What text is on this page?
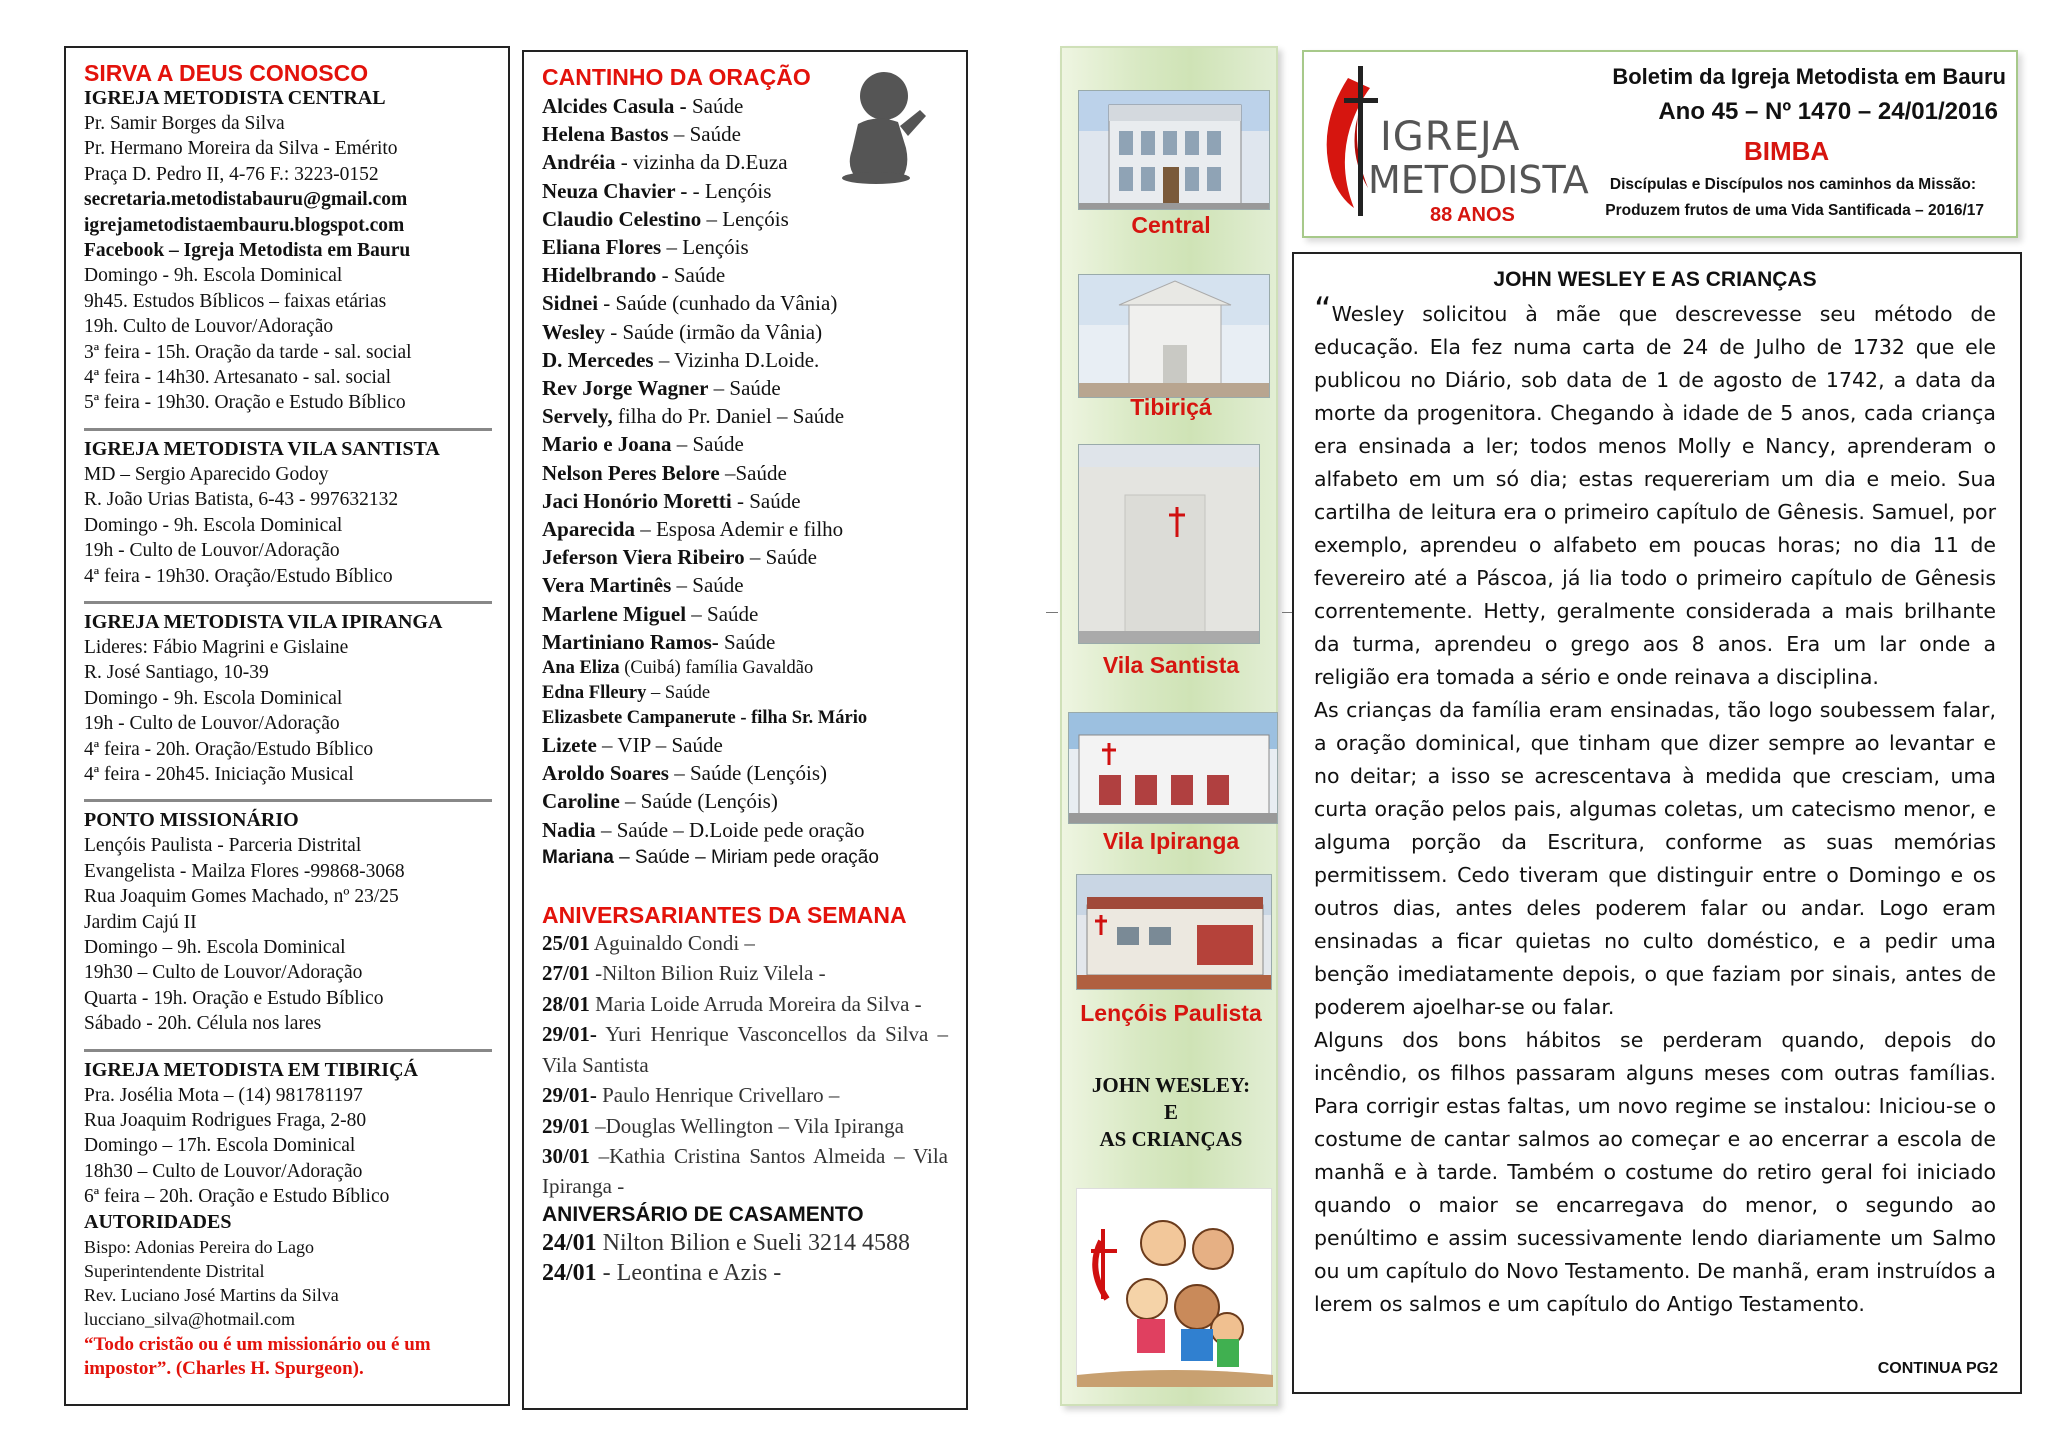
SIRVA A DEUS CONOSCO
IGREJA METODISTA CENTRAL
Pr. Samir Borges da Silva
Pr. Hermano Moreira da Silva - Emérito
Praça D. Pedro II, 4-76 F.: 3223-0152
secretaria.metodistabauru@gmail.com
igrejametodistaembauru.blogspot.com
Facebook – Igreja Metodista em Bauru
Domingo - 9h. Escola Dominical
9h45. Estudos Bíblicos – faixas etárias
19h. Culto de Louvor/Adoração
3ª feira - 15h. Oração da tarde - sal. social
4ª feira - 14h30. Artesanato - sal. social
5ª feira - 19h30. Oração e Estudo Bíblico
IGREJA METODISTA VILA SANTISTA
MD – Sergio Aparecido Godoy
R. João Urias Batista, 6-43 - 997632132
Domingo - 9h. Escola Dominical
19h - Culto de Louvor/Adoração
4ª feira - 19h30. Oração/Estudo Bíblico
IGREJA METODISTA VILA IPIRANGA
Lideres: Fábio Magrini e Gislaine
R. José Santiago, 10-39
Domingo - 9h. Escola Dominical
19h - Culto de Louvor/Adoração
4ª feira - 20h. Oração/Estudo Bíblico
4ª feira - 20h45. Iniciação Musical
PONTO MISSIONÁRIO
Lençóis Paulista - Parceria Distrital
Evangelista - Mailza Flores -99868-3068
Rua Joaquim Gomes Machado, nº 23/25
Jardim Cajú II
Domingo – 9h. Escola Dominical
19h30 – Culto de Louvor/Adoração
Quarta - 19h. Oração e Estudo Bíblico
Sábado - 20h. Célula nos lares
IGREJA METODISTA EM TIBIRIÇÁ
Pra. Josélia Mota – (14) 981781197
Rua Joaquim Rodrigues Fraga, 2-80
Domingo – 17h. Escola Dominical
18h30 – Culto de Louvor/Adoração
6ª feira – 20h. Oração e Estudo Bíblico
AUTORIDADES
Bispo: Adonias Pereira do Lago
Superintendente Distrital
Rev. Luciano José Martins da Silva
lucciano_silva@hotmail.com
“Todo cristão ou é um missionário ou é um impostor”. (Charles H. Spurgeon).
CANTINHO DA ORAÇÃO
Alcides Casula - Saúde
Helena Bastos – Saúde
Andréia - vizinha da D.Euza
Neuza Chavier - - Lençóis
Claudio Celestino – Lençóis
Eliana Flores – Lençóis
Hidelbrando - Saúde
Sidnei - Saúde (cunhado da Vânia)
Wesley - Saúde (irmão da Vânia)
D. Mercedes – Vizinha D.Loide.
Rev Jorge Wagner – Saúde
Servely, filha do Pr. Daniel – Saúde
Mario e Joana – Saúde
Nelson Peres Belore –Saúde
Jaci Honório Moretti - Saúde
Aparecida – Esposa Ademir e filho
Jeferson Viera Ribeiro – Saúde
Vera Martinês – Saúde
Marlene Miguel – Saúde
Martiniano Ramos- Saúde
Ana Eliza (Cuibá) família Gavaldão
Edna Flleury – Saúde
Elizasbete Campanerute - filha Sr. Mário
Lizete – VIP – Saúde
Aroldo Soares – Saúde (Lençóis)
Caroline – Saúde (Lençóis)
Nadia – Saúde – D.Loide pede oração
Mariana – Saúde – Miriam pede oração
ANIVERSARIANTES DA SEMANA
25/01 Aguinaldo Condi –
27/01 -Nilton Bilion Ruiz Vilela -
28/01 Maria Loide Arruda Moreira da Silva -
29/01- Yuri Henrique Vasconcellos da Silva – Vila Santista
29/01- Paulo Henrique Crivellaro –
29/01 –Douglas Wellington – Vila Ipiranga
30/01 –Kathia Cristina Santos Almeida – Vila Ipiranga -
ANIVERSÁRIO DE CASAMENTO
24/01 Nilton Bilion e Sueli 3214 4588
24/01 - Leontina e Azis -
Central
Tibiriçá
Vila Santista
Vila Ipiranga
Lençóis Paulista
JOHN WESLEY:
E
AS CRIANÇAS
IGREJA
METODISTA
88 ANOS
Boletim da Igreja Metodista em Bauru
Ano 45 – Nº 1470 – 24/01/2016
BIMBA
Discípulas e Discípulos nos caminhos da Missão:
Produzem frutos de uma Vida Santificada – 2016/17
JOHN WESLEY E AS CRIANÇAS

“Wesley solicitou à mãe que descrevesse seu método de educação. Ela fez numa carta de 24 de Julho de 1732 que ele publicou no Diário, sob data de 1 de agosto de 1742, a data da morte da progenitora. Chegando à idade de 5 anos, cada criança era ensinada a ler; todos menos Molly e Nancy, aprenderam o alfabeto em um só dia; estas requereriam um dia e meio. Sua cartilha de leitura era o primeiro capítulo de Gênesis. Samuel, por exemplo, aprendeu o alfabeto em poucas horas; no dia 11 de fevereiro até a Páscoa, já lia todo o primeiro capítulo de Gênesis correntemente. Hetty, geralmente considerada a mais brilhante da turma, aprendeu o grego aos 8 anos. Era um lar onde a religião era tomada a sério e onde reinava a disciplina.

As crianças da família eram ensinadas, tão logo soubessem falar, a oração dominical, que tinham que dizer sempre ao levantar e no deitar; a isso se acrescentava à medida que cresciam, uma curta oração pelos pais, algumas coletas, um catecismo menor, e alguma porção da Escritura, conforme as suas memórias permitissem. Cedo tiveram que distinguir entre o Domingo e os outros dias, antes deles poderem falar ou andar. Logo eram ensinadas a ficar quietas no culto doméstico, e a pedir uma benção imediatamente depois, o que faziam por sinais, antes de poderem ajoelhar-se ou falar.

Alguns dos bons hábitos se perderam quando, depois do incêndio, os filhos passaram alguns meses com outras famílias. Para corrigir estas faltas, um novo regime se instalou: Iniciou-se o costume de cantar salmos ao começar e ao encerrar a escola de manhã e à tarde. Também o costume do retiro geral foi iniciado quando o maior se encarregava do menor, o segundo ao penúltimo e assim sucessivamente lendo diariamente um Salmo ou um capítulo do Novo Testamento. De manhã, eram instruídos a lerem os salmos e um capítulo do Antigo Testamento.

CONTINUA PG2
